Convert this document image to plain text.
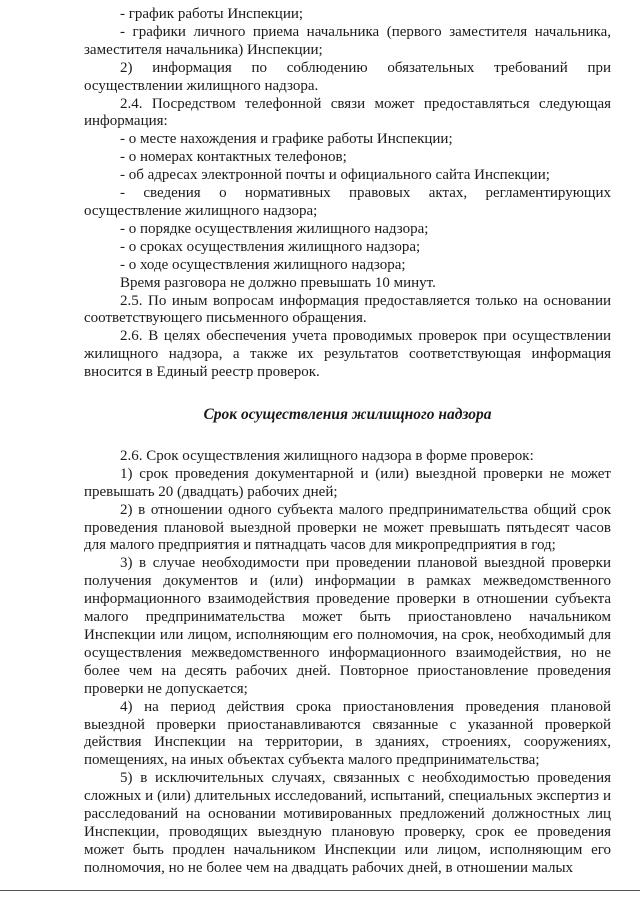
- график работы Инспекции;

- графики личного приема начальника (первого заместителя начальника, заместителя начальника) Инспекции;

2) информация по соблюдению обязательных требований при осуществлении жилищного надзора.

2.4. Посредством телефонной связи может предоставляться следующая информация:

- о месте нахождения и графике работы Инспекции;

- о номерах контактных телефонов;

- об адресах электронной почты и официального сайта Инспекции;

- сведения о нормативных правовых актах, регламентирующих осуществление жилищного надзора;

- о порядке осуществления жилищного надзора;

- о сроках осуществления жилищного надзора;

- о ходе осуществления жилищного надзора;

Время разговора не должно превышать 10 минут.

2.5. По иным вопросам информация предоставляется только на основании соответствующего письменного обращения.

2.6. В целях обеспечения учета проводимых проверок при осуществлении жилищного надзора, а также их результатов соответствующая информация вносится в Единый реестр проверок.

Срок осуществления жилищного надзора

2.6. Срок осуществления жилищного надзора в форме проверок:

1) срок проведения документарной и (или) выездной проверки не может превышать 20 (двадцать) рабочих дней;

2) в отношении одного субъекта малого предпринимательства общий срок проведения плановой выездной проверки не может превышать пятьдесят часов для малого предприятия и пятнадцать часов для микропредприятия в год;

3) в случае необходимости при проведении плановой выездной проверки получения документов и (или) информации в рамках межведомственного информационного взаимодействия проведение проверки в отношении субъекта малого предпринимательства может быть приостановлено начальником Инспекции или лицом, исполняющим его полномочия, на срок, необходимый для осуществления межведомственного информационного взаимодействия, но не более чем на десять рабочих дней. Повторное приостановление проведения проверки не допускается;

4) на период действия срока приостановления проведения плановой выездной проверки приостанавливаются связанные с указанной проверкой действия Инспекции на территории, в зданиях, строениях, сооружениях, помещениях, на иных объектах субъекта малого предпринимательства;

5) в исключительных случаях, связанных с необходимостью проведения сложных и (или) длительных исследований, испытаний, специальных экспертиз и расследований на основании мотивированных предложений должностных лиц Инспекции, проводящих выездную плановую проверку, срок ее проведения может быть продлен начальником Инспекции или лицом, исполняющим его полномочия, но не более чем на двадцать рабочих дней, в отношении малых
